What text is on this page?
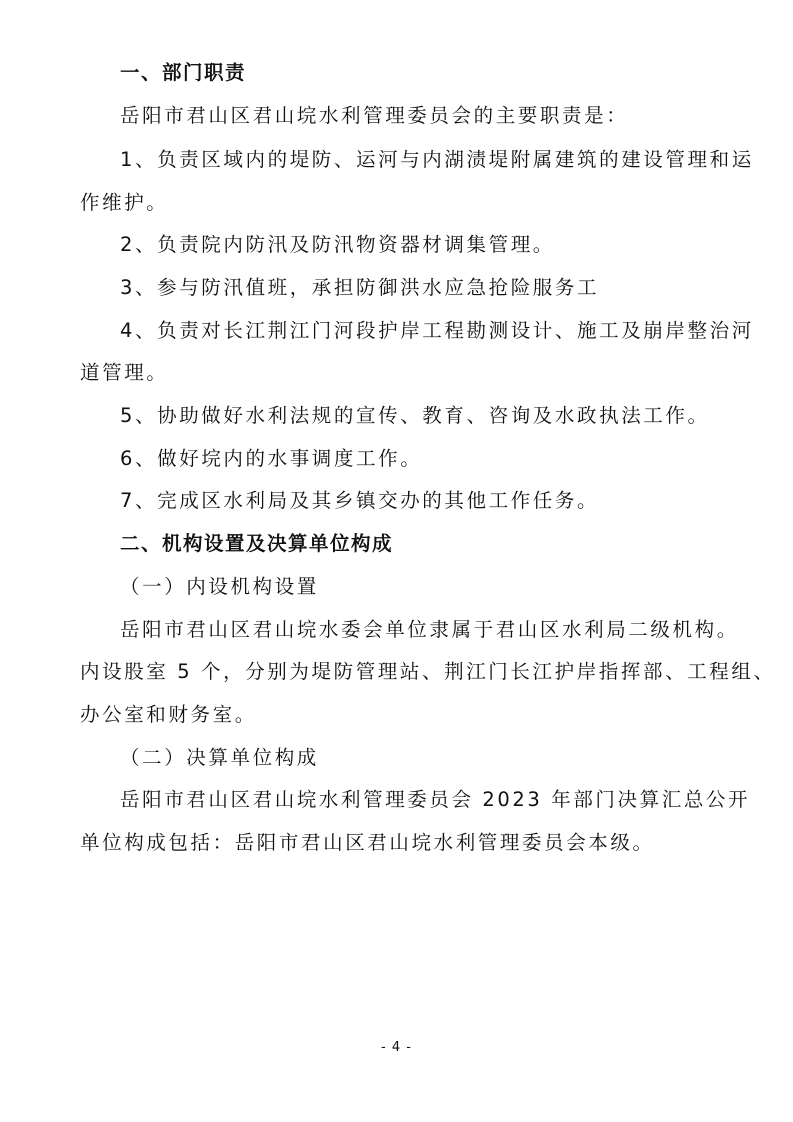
一、部门职责
岳阳市君山区君山垸水利管理委员会的主要职责是：
1、负责区域内的堤防、运河与内湖渍堤附属建筑的建设管理和运
作维护。
2、负责院内防汛及防汛物资器材调集管理。
3、参与防汛值班，承担防御洪水应急抢险服务工
4、负责对长江荆江门河段护岸工程勘测设计、施工及崩岸整治河
道管理。
5、协助做好水利法规的宣传、教育、咨询及水政执法工作。
6、做好垸内的水事调度工作。
7、完成区水利局及其乡镇交办的其他工作任务。
二、机构设置及决算单位构成
（一）内设机构设置
岳阳市君山区君山垸水委会单位隶属于君山区水利局二级机构。
内设股室 5 个，分别为堤防管理站、荆江门长江护岸指挥部、工程组、
办公室和财务室。
（二）决算单位构成
岳阳市君山区君山垸水利管理委员会 2023 年部门决算汇总公开
单位构成包括：岳阳市君山区君山垸水利管理委员会本级。
- 4 -
